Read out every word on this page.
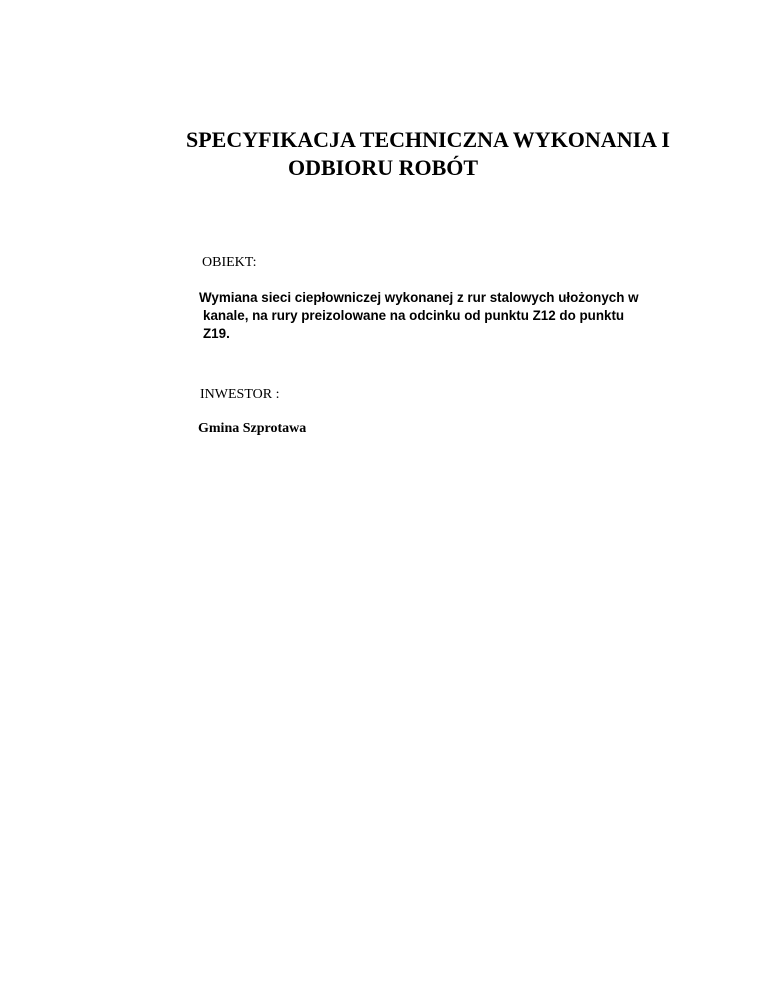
SPECYFIKACJA TECHNICZNA WYKONANIA I
ODBIORU ROBÓT
OBIEKT:
Wymiana sieci ciepłowniczej wykonanej z rur stalowych ułożonych w
kanale, na rury preizolowane na odcinku od punktu Z12 do punktu
Z19.
INWESTOR :
Gmina Szprotawa
